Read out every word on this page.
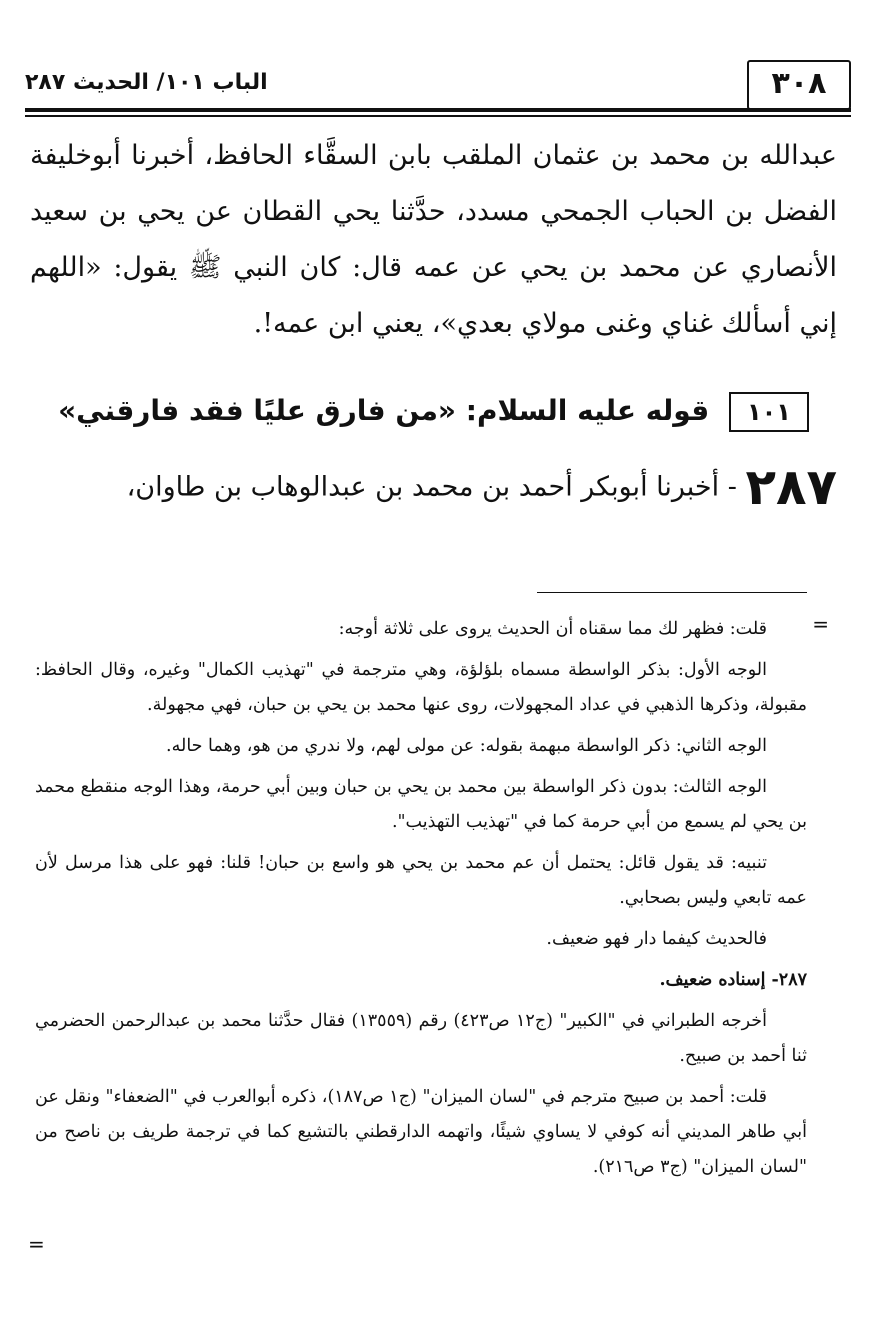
٣٠٨
الباب ١٠١/ الحديث ٢٨٧

عبدالله بن محمد بن عثمان الملقب بابن السقَّاء الحافظ، أخبرنا أبوخليفة الفضل بن الحباب الجمحي مسدد، حدَّثنا يحي القطان عن يحي بن سعيد الأنصاري عن محمد بن يحي عن عمه قال: كان النبي ﷺ يقول: «اللهم إني أسألك غناي وغنى مولاي بعدي»، يعني ابن عمه!.

١٠١ قوله عليه السلام: «من فارق عليًا فقد فارقني»
٢٨٧ - أخبرنا أبوبكر أحمد بن محمد بن عبدالوهاب بن طاوان،
=
=

قلت: فظهر لك مما سقناه أن الحديث يروى على ثلاثة أوجه:

الوجه الأول: بذكر الواسطة مسماه بلؤلؤة، وهي مترجمة في "تهذيب الكمال" وغيره، وقال الحافظ: مقبولة، وذكرها الذهبي في عداد المجهولات، روى عنها محمد بن يحي بن حبان، فهي مجهولة.

الوجه الثاني: ذكر الواسطة مبهمة بقوله: عن مولى لهم، ولا ندري من هو، وهما حاله.

الوجه الثالث: بدون ذكر الواسطة بين محمد بن يحي بن حبان وبين أبي حرمة، وهذا الوجه منقطع محمد بن يحي لم يسمع من أبي حرمة كما في "تهذيب التهذيب".

تنبيه: قد يقول قائل: يحتمل أن عم محمد بن يحي هو واسع بن حبان! قلنا: فهو على هذا مرسل لأن عمه تابعي وليس بصحابي.

فالحديث كيفما دار فهو ضعيف.

٢٨٧- إسناده ضعيف.

أخرجه الطبراني في "الكبير" (ج١٢ ص٤٢٣) رقم (١٣٥٥٩) فقال حدَّثنا محمد بن عبدالرحمن الحضرمي ثنا أحمد بن صبيح.

قلت: أحمد بن صبيح مترجم في "لسان الميزان" (ج١ ص١٨٧)، ذكره أبوالعرب في "الضعفاء" ونقل عن أبي طاهر المديني أنه كوفي لا يساوي شيئًا، واتهمه الدارقطني بالتشيع كما في ترجمة طريف بن ناصح من "لسان الميزان" (ج٣ ص٢١٦).
